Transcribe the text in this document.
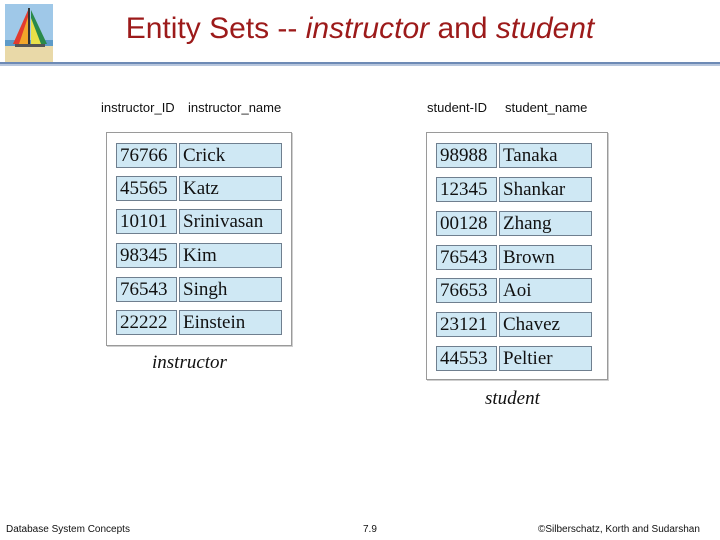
Entity Sets -- instructor and student
instructor_ID instructor_name	student-ID student_name
76766 Crick
45565 Katz
10101 Srinivasan
98345 Kim
76543 Singh
22222 Einstein
instructor
98988 Tanaka
12345 Shankar
00128 Zhang
76543 Brown
76653 Aoi
23121 Chavez
44553 Peltier
student
Database System Concepts	7.9	©Silberschatz, Korth and Sudarshan
